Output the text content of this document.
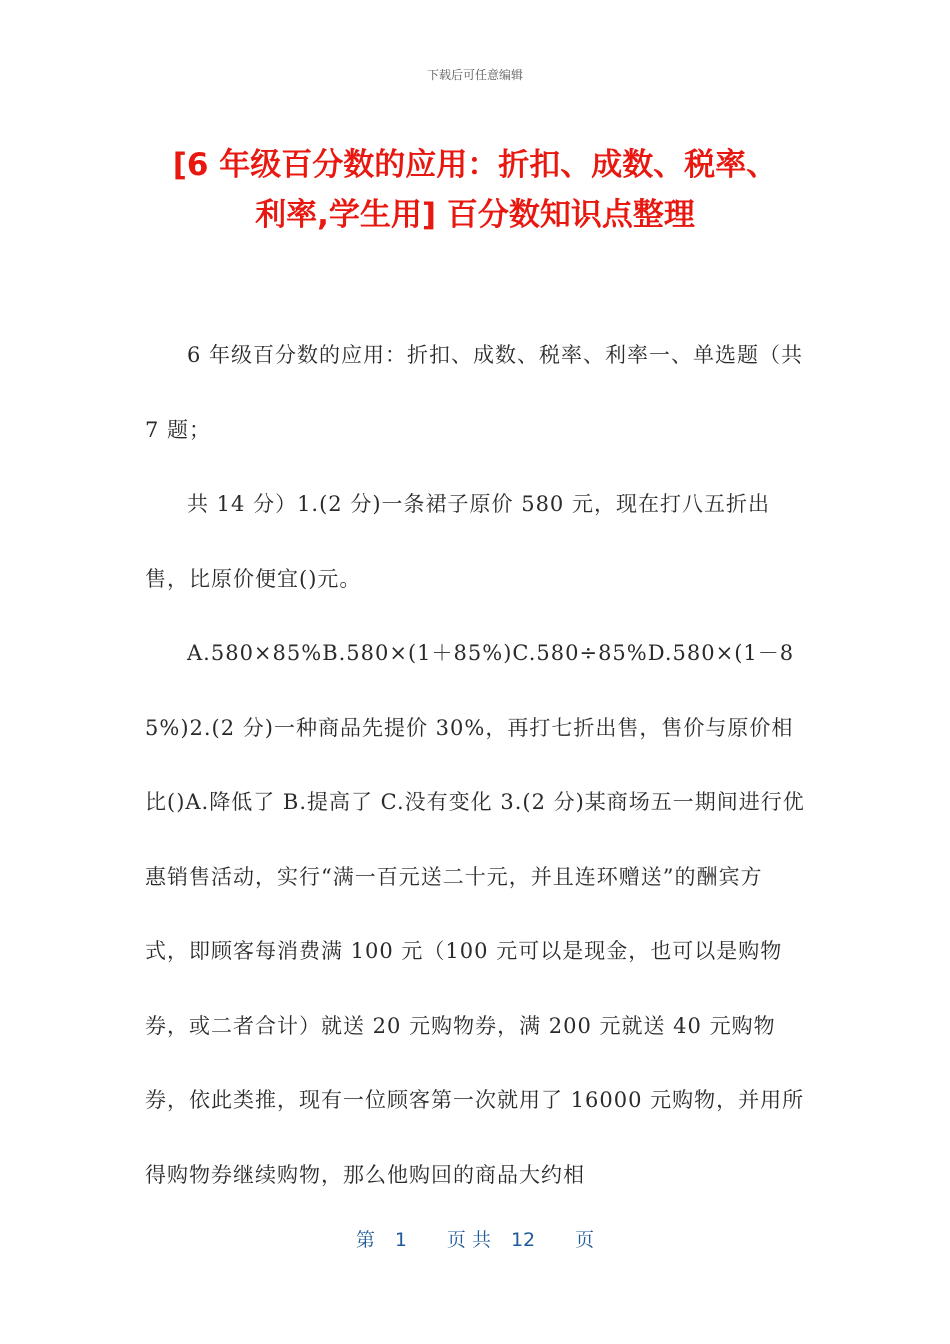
下载后可任意编辑
[6 年级百分数的应用：折扣、成数、税率、
利率,学生用] 百分数知识点整理

6 年级百分数的应用：折扣、成数、税率、利率一、单选题（共 7 题；

共 14 分）1.(2 分)一条裙子原价 580 元，现在打八五折出售，比原价便宜()元。

A.580×85%B.580×(1＋85%)C.580÷85%D.580×(1－85%)2.(2 分)一种商品先提价 30%，再打七折出售，售价与原价相比()A.降低了 B.提高了 C.没有变化 3.(2 分)某商场五一期间进行优惠销售活动，实行“满一百元送二十元，并且连环赠送”的酬宾方式，即顾客每消费满 100 元（100 元可以是现金，也可以是购物券，或二者合计）就送 20 元购物券，满 200 元就送 40 元购物券，依此类推，现有一位顾客第一次就用了 16000 元购物，并用所得购物券继续购物，那么他购回的商品大约相

第 1 页 共 12 页
